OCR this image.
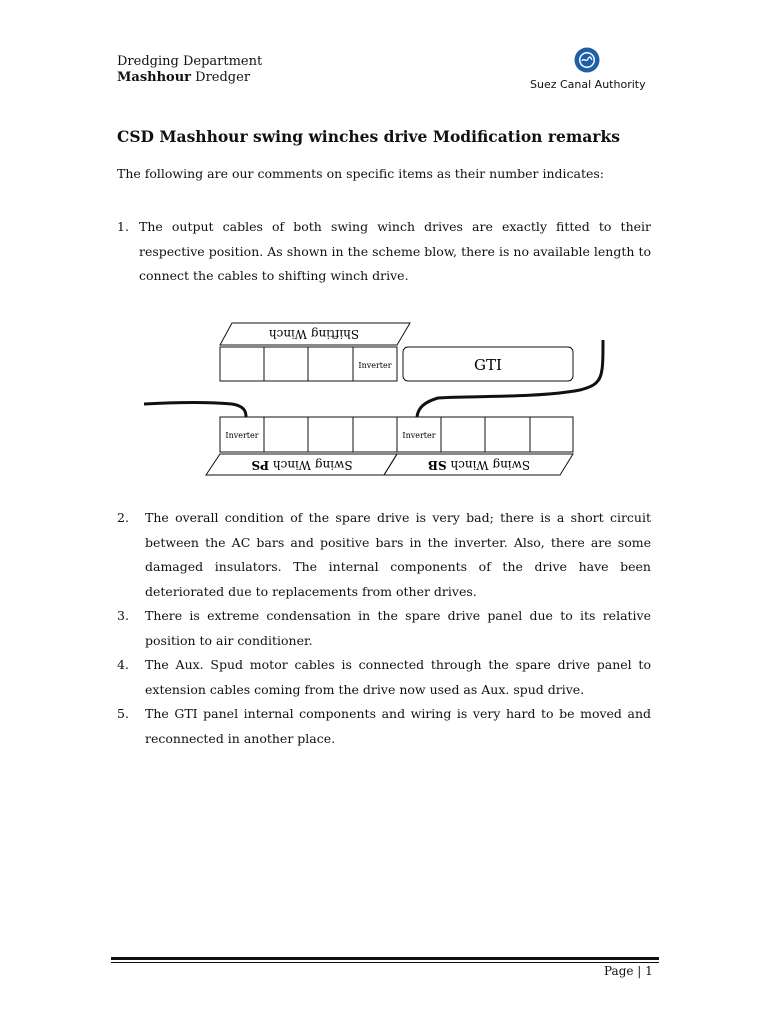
Dredging Department
Mashhour Dredger	Suez Canal Authority
CSD Mashhour swing winches drive Modification remarks
The following are our comments on specific items as their number indicates:
1. The output cables of both swing winch drives are exactly fitted to their respective position. As shown in the scheme blow, there is no available length to connect the cables to shifting winch drive.
Shifting Winch
Inverter	GTI
Inverter	Inverter
Swing Winch PS	Swing Winch SB
2. The overall condition of the spare drive is very bad; there is a short circuit between the AC bars and positive bars in the inverter. Also, there are some damaged insulators. The internal components of the drive have been deteriorated due to replacements from other drives.
3. There is extreme condensation in the spare drive panel due to its relative position to air conditioner.
4. The Aux. Spud motor cables is connected through the spare drive panel to extension cables coming from the drive now used as Aux. spud drive.
5. The GTI panel internal components and wiring is very hard to be moved and reconnected in another place.
Page | 1
